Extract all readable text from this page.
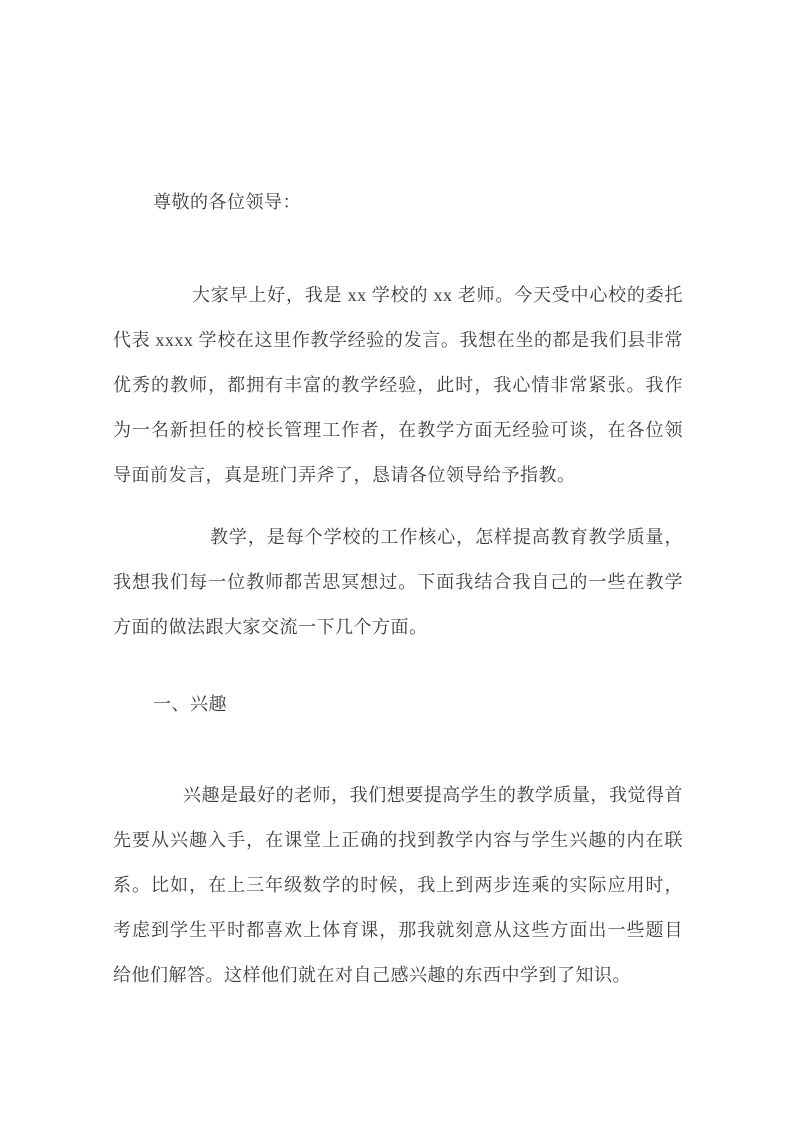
尊敬的各位领导：
大家早上好，我是 xx 学校的 xx 老师。今天受中心校的委托
代表 xxxx 学校在这里作教学经验的发言。我想在坐的都是我们县非常
优秀的教师，都拥有丰富的教学经验，此时，我心情非常紧张。我作
为一名新担任的校长管理工作者，在教学方面无经验可谈，在各位领
导面前发言，真是班门弄斧了，恳请各位领导给予指教。
教学，是每个学校的工作核心，怎样提高教育教学质量，
我想我们每一位教师都苦思冥想过。下面我结合我自己的一些在教学
方面的做法跟大家交流一下几个方面。
一、兴趣
兴趣是最好的老师，我们想要提高学生的教学质量，我觉得首
先要从兴趣入手，在课堂上正确的找到教学内容与学生兴趣的内在联
系。比如，在上三年级数学的时候，我上到两步连乘的实际应用时，
考虑到学生平时都喜欢上体育课，那我就刻意从这些方面出一些题目
给他们解答。这样他们就在对自己感兴趣的东西中学到了知识。
